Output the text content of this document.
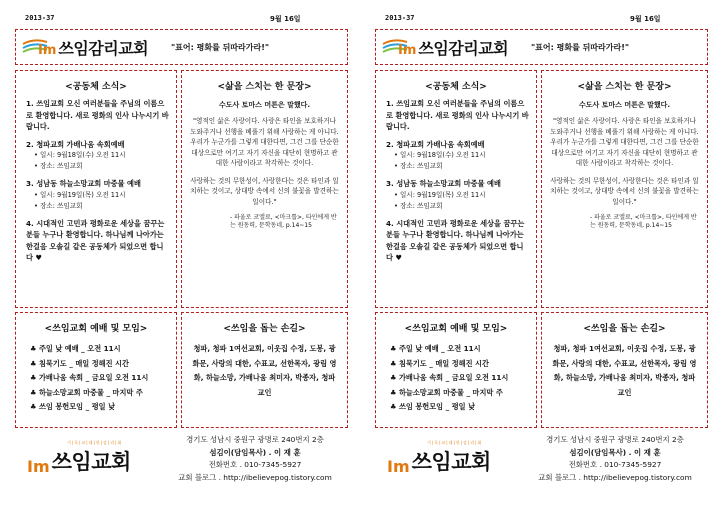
2013-37	9월 16일
Im 쓰임감리교회	"표어: 평화를 뒤따라가라!"
<공동체 소식>
1. 쓰임교회 오신 여러분들을 주님의 이름으로 환영합니다. 새로 평화의 인사 나누시기 바랍니다.
2. 청파교회 가배나움 속회예배
• 일시: 9월18일(수) 오전 11시
• 장소: 쓰임교회
3. 성남동 하늘소망교회 마중물 예배
• 일시: 9월19일(목) 오전 11시
• 장소: 쓰임교회
4. 시대적인 고민과 평화로운 세상을 꿈꾸는 분들 누구나 환영합니다. 하나님께 나아가는 한걸음 오솔길 같은 공동체가 되었으면 합니다 ♥
<삶을 스치는 한 문장>
수도사 토마스 머튼은 말했다.

"영적인 삶은 사랑이다. 사랑은 타인을 보호하거나 도와주거나 선행을 베풀기 위해 사랑하는 게 아니다. 우리가 누군가를 그렇게 대한다면, 그건 그를 단순한 대상으로만 여기고 자기 자신을 대단히 현명하고 관대한 사람이라고 착각하는 것이다.

사랑하는 것의 무한성이, 사랑한다는 것은 타인과 일치하는 것이고, 상대방 속에서 신의 불꽃을 발견하는 일이다."

- 파울로 코엘료, <마크툽>, 타인에게 반는 원동력, 문학동네, p.14~15
<쓰임교회 예배 및 모임>
♣ 주일 낮 예배 _ 오전 11시
♣ 침묵기도 _ 매일 정해진 시간
♣ 가배나움 속회 _ 금요일 오전 11시
♣ 하늘소망교회 마중물 _ 마지막 주
♣ 쓰임 봉헌모임 _ 평일 낮
<쓰임을 돕는 손길>
청파, 청파 1여선교회, 이웃집 수정, 도봉, 광화문, 사랑의 대한, 수표교, 선한목자, 광림 영화, 하늘소망, 가배나움 최미자, 박종자, 청파교인
기|독|교|대|한|감|리|회
Im 쓰임교회
경기도 성남시 중원구 광명로 240번지 2층
섬김이(담임목사) . 이 재 훈
전화번호 . 010-7345-5927
교회 블로그 . http://ibelievepog.tistory.com
2013-37	9월 16일
Im 쓰임감리교회	"표어: 평화를 뒤따라가라!"
<공동체 소식>
1. 쓰임교회 오신 여러분들을 주님의 이름으로 환영합니다. 새로 평화의 인사 나누시기 바랍니다.
2. 청파교회 가배나움 속회예배
• 일시: 9월18일(수) 오전 11시
• 장소: 쓰임교회
3. 성남동 하늘소망교회 마중물 예배
• 일시: 9월19일(목) 오전 11시
• 장소: 쓰임교회
4. 시대적인 고민과 평화로운 세상을 꿈꾸는 분들 누구나 환영합니다. 하나님께 나아가는 한걸음 오솔길 같은 공동체가 되었으면 합니다 ♥
<삶을 스치는 한 문장>
수도사 토마스 머튼은 말했다.

"영적인 삶은 사랑이다. 사랑은 타인을 보호하거나 도와주거나 선행을 베풀기 위해 사랑하는 게 아니다. 우리가 누군가를 그렇게 대한다면, 그건 그를 단순한 대상으로만 여기고 자기 자신을 대단히 현명하고 관대한 사람이라고 착각하는 것이다.

사랑하는 것의 무한성이, 사랑한다는 것은 타인과 일치하는 것이고, 상대방 속에서 신의 불꽃을 발견하는 일이다."

- 파울로 코엘료, <마크툽>, 타인에게 반는 원동력, 문학동네, p.14~15
<쓰임교회 예배 및 모임>
♣ 주일 낮 예배 _ 오전 11시
♣ 침묵기도 _ 매일 정해진 시간
♣ 가배나움 속회 _ 금요일 오전 11시
♣ 하늘소망교회 마중물 _ 마지막 주
♣ 쓰임 봉헌모임 _ 평일 낮
<쓰임을 돕는 손길>
청파, 청파 1여선교회, 이웃집 수정, 도봉, 광화문, 사랑의 대한, 수표교, 선한목자, 광림 영화, 하늘소망, 가배나움 최미자, 박종자, 청파교인
기|독|교|대|한|감|리|회
Im 쓰임교회
경기도 성남시 중원구 광명로 240번지 2층
섬김이(담임목사) . 이 재 훈
전화번호 . 010-7345-5927
교회 블로그 . http://ibelievepog.tistory.com
